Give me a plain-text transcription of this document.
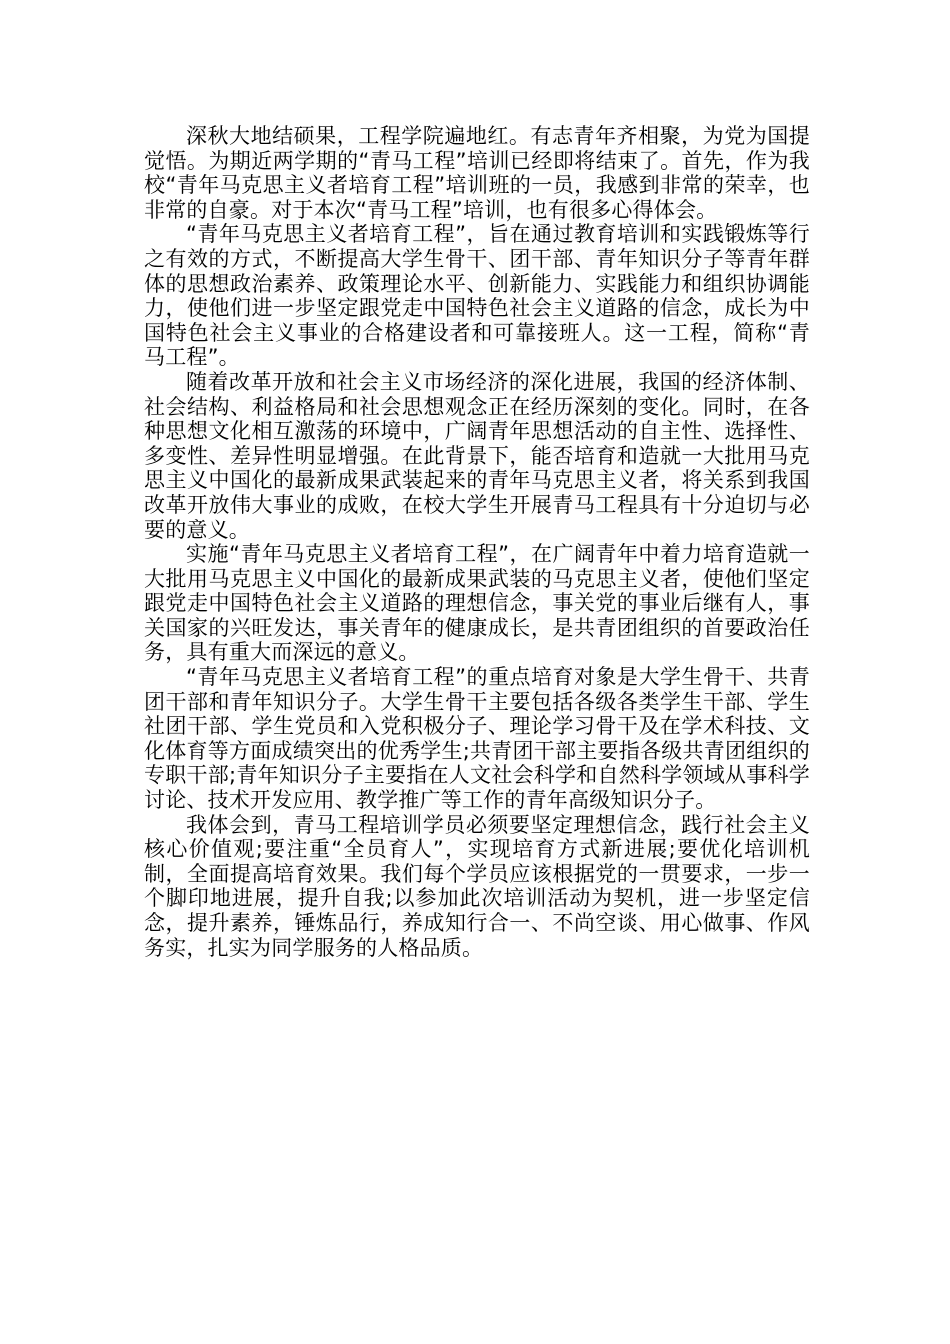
深秋大地结硕果，工程学院遍地红。有志青年齐相聚，为党为国提觉悟。为期近两学期的“青马工程”培训已经即将结束了。首先，作为我校“青年马克思主义者培育工程”培训班的一员，我感到非常的荣幸，也非常的自豪。对于本次“青马工程”培训，也有很多心得体会。

“青年马克思主义者培育工程”，旨在通过教育培训和实践锻炼等行之有效的方式，不断提高大学生骨干、团干部、青年知识分子等青年群体的思想政治素养、政策理论水平、创新能力、实践能力和组织协调能力，使他们进一步坚定跟党走中国特色社会主义道路的信念，成长为中国特色社会主义事业的合格建设者和可靠接班人。这一工程，简称“青马工程”。

随着改革开放和社会主义市场经济的深化进展，我国的经济体制、社会结构、利益格局和社会思想观念正在经历深刻的变化。同时，在各种思想文化相互激荡的环境中，广阔青年思想活动的自主性、选择性、多变性、差异性明显增强。在此背景下，能否培育和造就一大批用马克思主义中国化的最新成果武装起来的青年马克思主义者，将关系到我国改革开放伟大事业的成败，在校大学生开展青马工程具有十分迫切与必要的意义。

实施“青年马克思主义者培育工程”，在广阔青年中着力培育造就一大批用马克思主义中国化的最新成果武装的马克思主义者，使他们坚定跟党走中国特色社会主义道路的理想信念，事关党的事业后继有人，事关国家的兴旺发达，事关青年的健康成长，是共青团组织的首要政治任务，具有重大而深远的意义。

“青年马克思主义者培育工程”的重点培育对象是大学生骨干、共青团干部和青年知识分子。大学生骨干主要包括各级各类学生干部、学生社团干部、学生党员和入党积极分子、理论学习骨干及在学术科技、文化体育等方面成绩突出的优秀学生;共青团干部主要指各级共青团组织的专职干部;青年知识分子主要指在人文社会科学和自然科学领域从事科学讨论、技术开发应用、教学推广等工作的青年高级知识分子。

我体会到，青马工程培训学员必须要坚定理想信念，践行社会主义核心价值观;要注重“全员育人”，实现培育方式新进展;要优化培训机制，全面提高培育效果。我们每个学员应该根据党的一贯要求，一步一个脚印地进展，提升自我;以参加此次培训活动为契机，进一步坚定信念，提升素养，锤炼品行，养成知行合一、不尚空谈、用心做事、作风务实，扎实为同学服务的人格品质。
